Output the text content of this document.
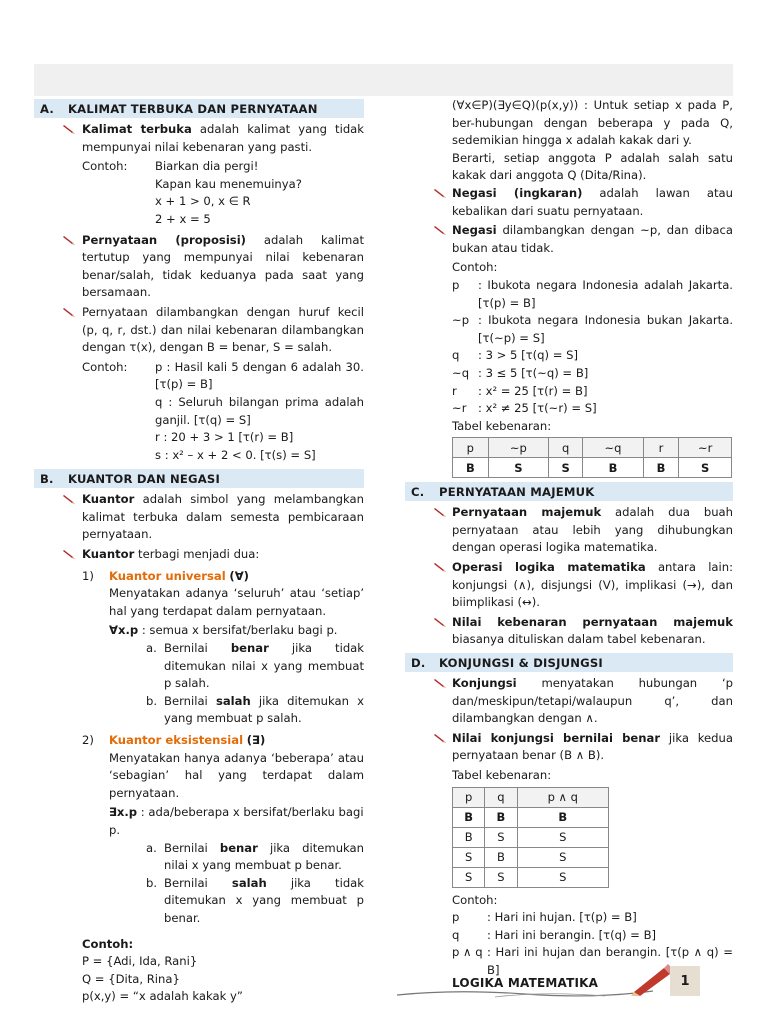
A.	KALIMAT TERBUKA DAN PERNYATAAN
Kalimat terbuka adalah kalimat yang tidak mempunyai nilai kebenaran yang pasti.
Contoh:	Biarkan dia pergi!
Kapan kau menemuinya?
x + 1 > 0, x ∈ R
2 + x = 5
Pernyataan (proposisi) adalah kalimat tertutup yang mempunyai nilai kebenaran benar/salah, tidak keduanya pada saat yang bersamaan.
Pernyataan dilambangkan dengan huruf kecil (p, q, r, dst.) dan nilai kebenaran dilambangkan dengan τ(x), dengan B = benar, S = salah.
Contoh:	p : Hasil kali 5 dengan 6 adalah 30. [τ(p) = B]
q : Seluruh bilangan prima adalah ganjil. [τ(q) = S]
r : 20 + 3 > 1 [τ(r) = B]
s : x² – x + 2 < 0. [τ(s) = S]
B.	KUANTOR DAN NEGASI
Kuantor adalah simbol yang melambangkan kalimat terbuka dalam semesta pembicaraan pernyataan.
Kuantor terbagi menjadi dua:
1)	Kuantor universal (∀)
Menyatakan adanya ‘seluruh’ atau ‘setiap’ hal yang terdapat dalam pernyataan.
∀x.p : semua x bersifat/berlaku bagi p.
a. Bernilai benar jika tidak ditemukan nilai x yang membuat p salah.
b. Bernilai salah jika ditemukan x yang membuat p salah.
2)	Kuantor eksistensial (∃)
Menyatakan hanya adanya ‘beberapa’ atau ‘sebagian’ hal yang terdapat dalam pernyataan.
∃x.p : ada/beberapa x bersifat/berlaku bagi p.
a. Bernilai benar jika ditemukan nilai x yang membuat p benar.
b. Bernilai salah jika tidak ditemukan x yang membuat p benar.
Contoh:
P = {Adi, Ida, Rani}
Q = {Dita, Rina}
p(x,y) = “x adalah kakak y”
(∀x∈P)(∃y∈Q)(p(x,y)) : Untuk setiap x pada P, ber-hubungan dengan beberapa y pada Q, sedemikian hingga x adalah kakak dari y.
Berarti, setiap anggota P adalah salah satu kakak dari anggota Q (Dita/Rina).
Negasi (ingkaran) adalah lawan atau kebalikan dari suatu pernyataan.
Negasi dilambangkan dengan ~p, dan dibaca bukan atau tidak.
Contoh:
p	: Ibukota negara Indonesia adalah Jakarta. [τ(p) = B]
~p : Ibukota negara Indonesia bukan Jakarta. [τ(~p) = S]
q	: 3 > 5 [τ(q) = S]
~q : 3 ≤ 5 [τ(~q) = B]
r	: x² = 25 [τ(r) = B]
~r : x² ≠ 25 [τ(~r) = S]
Tabel kebenaran:
p	~p	q	~q	r	~r
B	S	S	B	B	S
C.	PERNYATAAN MAJEMUK
Pernyataan majemuk adalah dua buah pernyataan atau lebih yang dihubungkan dengan operasi logika matematika.
Operasi logika matematika antara lain: konjungsi (∧), disjungsi (V), implikasi (→), dan biimplikasi (↔).
Nilai kebenaran pernyataan majemuk biasanya dituliskan dalam tabel kebenaran.
D.	KONJUNGSI & DISJUNGSI
Konjungsi menyatakan hubungan ‘p dan/meskipun/tetapi/walaupun q’, dan dilambangkan dengan ∧.
Nilai konjungsi bernilai benar jika kedua pernyataan benar (B ∧ B).
Tabel kebenaran:
p	q	p ∧ q
B	B	B
B	S	S
S	B	S
S	S	S
Contoh:
p	: Hari ini hujan. [τ(p) = B]
q	: Hari ini berangin. [τ(q) = B]
p ∧ q : Hari ini hujan dan berangin. [τ(p ∧ q) = B]
LOGIKA MATEMATIKA	1
